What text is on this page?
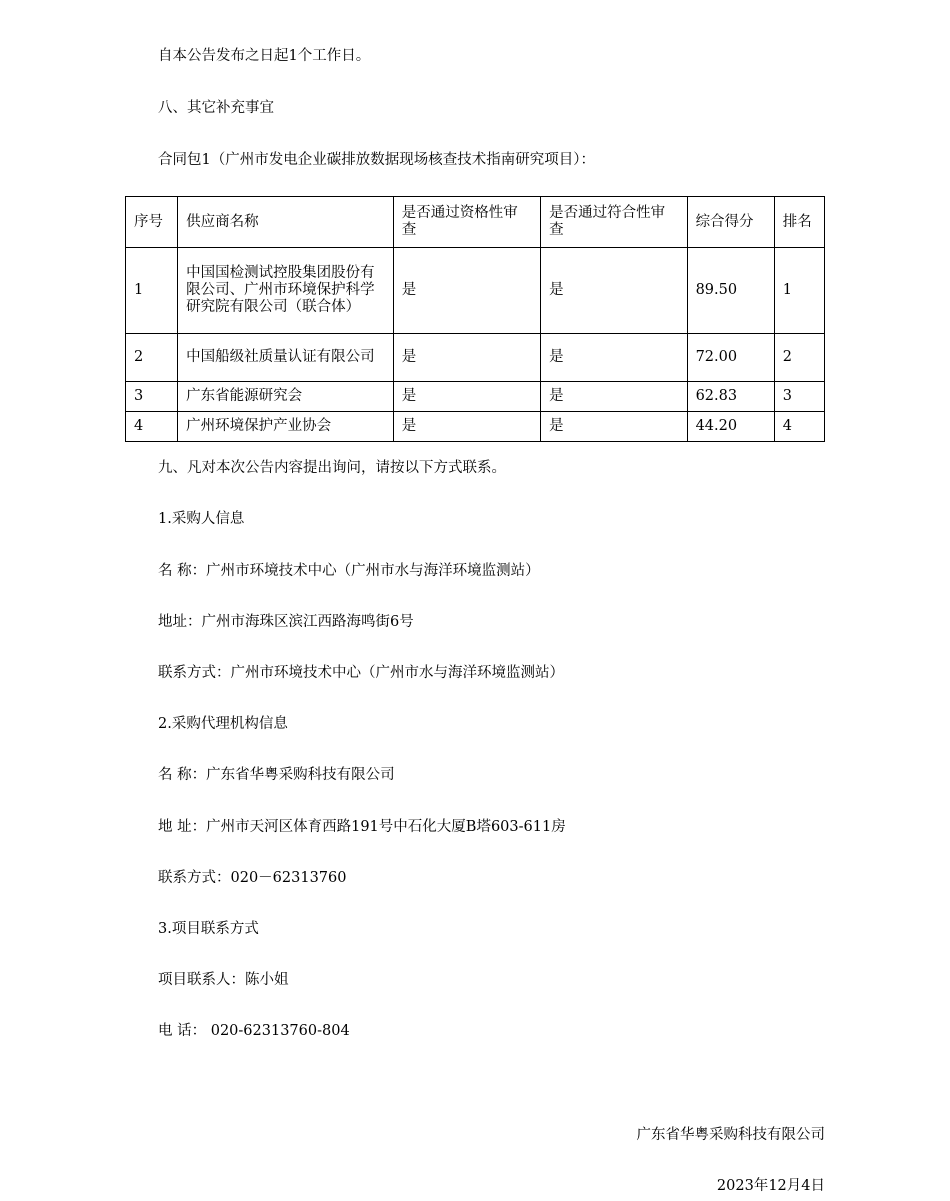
自本公告发布之日起1个工作日。
八、其它补充事宜
合同包1（广州市发电企业碳排放数据现场核查技术指南研究项目）：
序号	供应商名称	是否通过资格性审查	是否通过符合性审查	综合得分	排名
1	中国国检测试控股集团股份有限公司、广州市环境保护科学研究院有限公司（联合体）	是	是	89.50	1
2	中国船级社质量认证有限公司	是	是	72.00	2
3	广东省能源研究会	是	是	62.83	3
4	广州环境保护产业协会	是	是	44.20	4
九、凡对本次公告内容提出询问，请按以下方式联系。
1.采购人信息
名 称：广州市环境技术中心（广州市水与海洋环境监测站）
地址：广州市海珠区滨江西路海鸣街6号
联系方式：广州市环境技术中心（广州市水与海洋环境监测站）
2.采购代理机构信息
名 称：广东省华粤采购科技有限公司
地 址：广州市天河区体育西路191号中石化大厦B塔603-611房
联系方式：020－62313760
3.项目联系方式
项目联系人：陈小姐
电 话： 020-62313760-804
广东省华粤采购科技有限公司
2023年12月4日
